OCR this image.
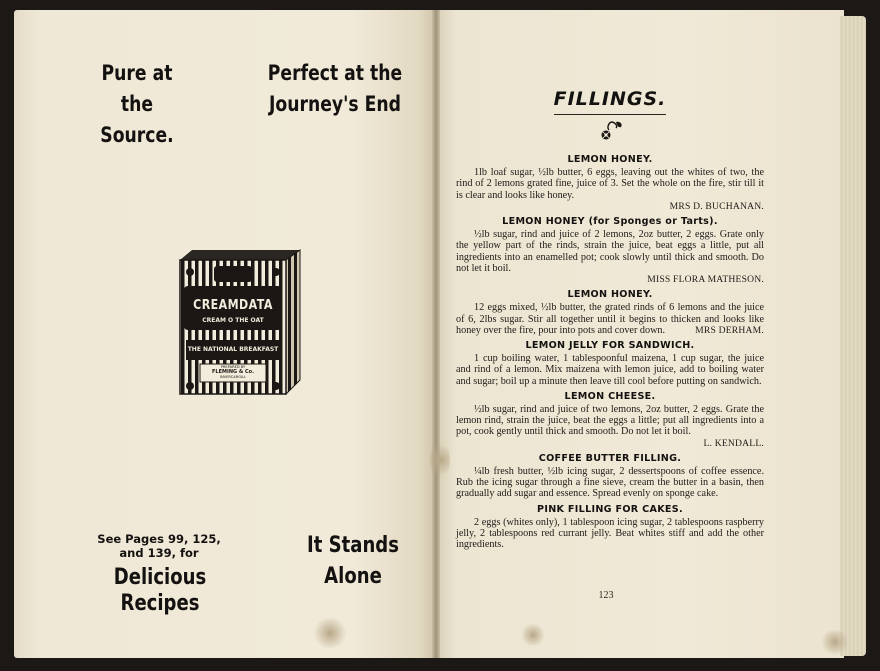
Pure at the
Source.
Perfect at the
Journey's End
CREAMDATA
CREAM O THE OAT
THE NATIONAL BREAKFAST
PREPARED BY
FLEMING & Co.
INVERCARGILL
See Pages 99, 125,
and 139, for
Delicious Recipes
It Stands
Alone
FILLINGS.
LEMON HONEY.
1lb loaf sugar, ½lb butter, 6 eggs, leaving out the whites of two, the rind of 2 lemons grated fine, juice of 3. Set the whole on the fire, stir till it is clear and looks like honey.
MRS D. BUCHANAN.
LEMON HONEY (for Sponges or Tarts).
½lb sugar, rind and juice of 2 lemons, 2oz butter, 2 eggs. Grate only the yellow part of the rinds, strain the juice, beat eggs a little, put all ingredients into an enamelled pot; cook slowly until thick and smooth. Do not let it boil.
MISS FLORA MATHESON.
LEMON HONEY.
12 eggs mixed, ½lb butter, the grated rinds of 6 lemons and the juice of 6, 2lbs sugar. Stir all together until it begins to thicken and looks like honey over the fire, pour into pots and cover down.	MRS DERHAM.
LEMON JELLY FOR SANDWICH.
1 cup boiling water, 1 tablespoonful maizena, 1 cup sugar, the juice and rind of a lemon. Mix maizena with lemon juice, add to boiling water and sugar; boil up a minute then leave till cool before putting on sandwich.
LEMON CHEESE.
½lb sugar, rind and juice of two lemons, 2oz butter, 2 eggs. Grate the lemon rind, strain the juice, beat the eggs a little; put all ingredients into a pot, cook gently until thick and smooth. Do not let it boil.
L. KENDALL.
COFFEE BUTTER FILLING.
¼lb fresh butter, ½lb icing sugar, 2 dessertspoons of coffee essence. Rub the icing sugar through a fine sieve, cream the butter in a basin, then gradually add sugar and essence. Spread evenly on sponge cake.
PINK FILLING FOR CAKES.
2 eggs (whites only), 1 tablespoon icing sugar, 2 tablespoons raspberry jelly, 2 tablespoons red currant jelly. Beat whites stiff and add the other ingredients.
123
